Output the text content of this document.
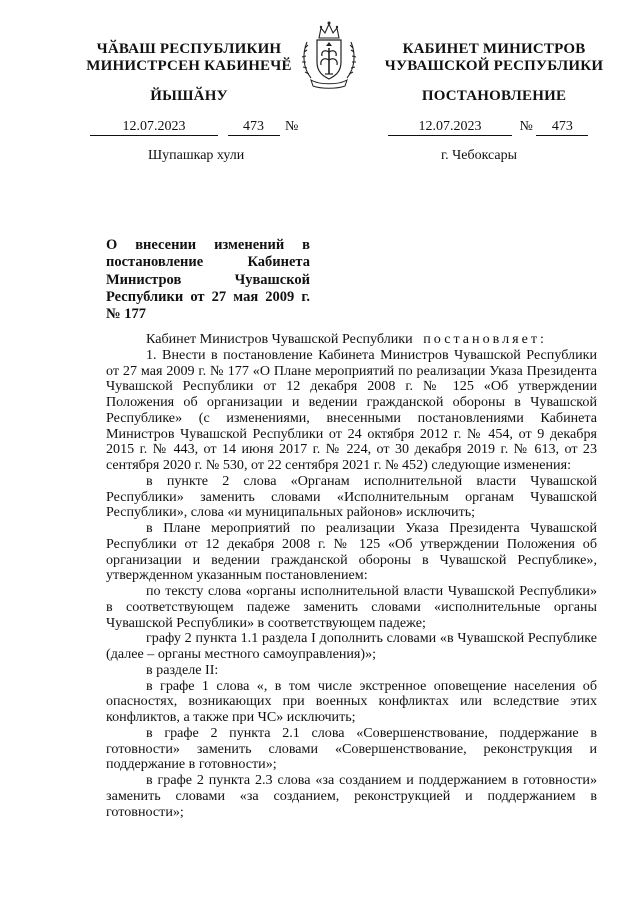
ЧӐВАШ РЕСПУБЛИКИН
МИНИСТРСЕН КАБИНЕЧӖ
КАБИНЕТ МИНИСТРОВ
ЧУВАШСКОЙ РЕСПУБЛИКИ
ЙЫШӐНУ	ПОСТАНОВЛЕНИЕ
12.07.2023	473 №	12.07.2023	№ 473
Шупашкар хули	г. Чебоксары
О внесении изменений в постановление Кабинета Министров Чувашской Республики от 27 мая 2009 г. № 177

Кабинет Министров Чувашской Республики постановляет:

1. Внести в постановление Кабинета Министров Чувашской Республики от 27 мая 2009 г. № 177 «О Плане мероприятий по реализации Указа Президента Чувашской Республики от 12 декабря 2008 г. № 125 «Об утверждении Положения об организации и ведении гражданской обороны в Чувашской Республике» (с изменениями, внесенными постановлениями Кабинета Министров Чувашской Республики от 24 октября 2012 г. № 454, от 9 декабря 2015 г. № 443, от 14 июня 2017 г. № 224, от 30 декабря 2019 г. № 613, от 23 сентября 2020 г. № 530, от 22 сентября 2021 г. № 452) следующие изменения:

в пункте 2 слова «Органам исполнительной власти Чувашской Республики» заменить словами «Исполнительным органам Чувашской Республики», слова «и муниципальных районов» исключить;

в Плане мероприятий по реализации Указа Президента Чувашской Республики от 12 декабря 2008 г. № 125 «Об утверждении Положения об организации и ведении гражданской обороны в Чувашской Республике», утвержденном указанным постановлением:

по тексту слова «органы исполнительной власти Чувашской Республики» в соответствующем падеже заменить словами «исполнительные органы Чувашской Республики» в соответствующем падеже;

графу 2 пункта 1.1 раздела I дополнить словами «в Чувашской Республике (далее – органы местного самоуправления)»;

в разделе II:

в графе 1 слова «, в том числе экстренное оповещение населения об опасностях, возникающих при военных конфликтах или вследствие этих конфликтов, а также при ЧС» исключить;

в графе 2 пункта 2.1 слова «Совершенствование, поддержание в готовности» заменить словами «Совершенствование, реконструкция и поддержание в готовности»;

в графе 2 пункта 2.3 слова «за созданием и поддержанием в готовности» заменить словами «за созданием, реконструкцией и поддержанием в готовности»;
